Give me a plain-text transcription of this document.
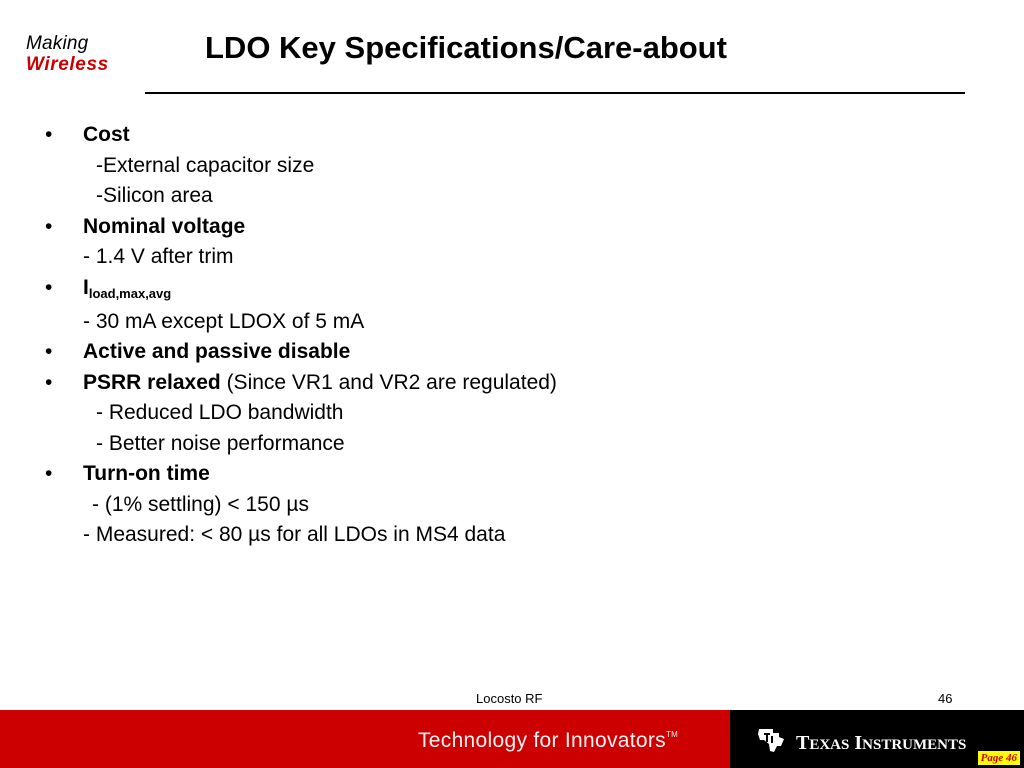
Making
Wireless	LDO Key Specifications/Care-about
•	Cost
-External capacitor size
-Silicon area
•	Nominal voltage
- 1.4 V after trim
•	$I_{load,max,avg}$
- 30 mA except LDOX of 5 mA
•	Active and passive disable
•	PSRR relaxed (Since VR1 and VR2 are regulated)
- Reduced LDO bandwidth
- Better noise performance
•	Turn-on time
- (1% settling) < 150 µs
- Measured: < 80 µs for all LDOs in MS4 data
Locosto RF	46
Technology for Innovators™	TEXAS INSTRUMENTS
Page 46
